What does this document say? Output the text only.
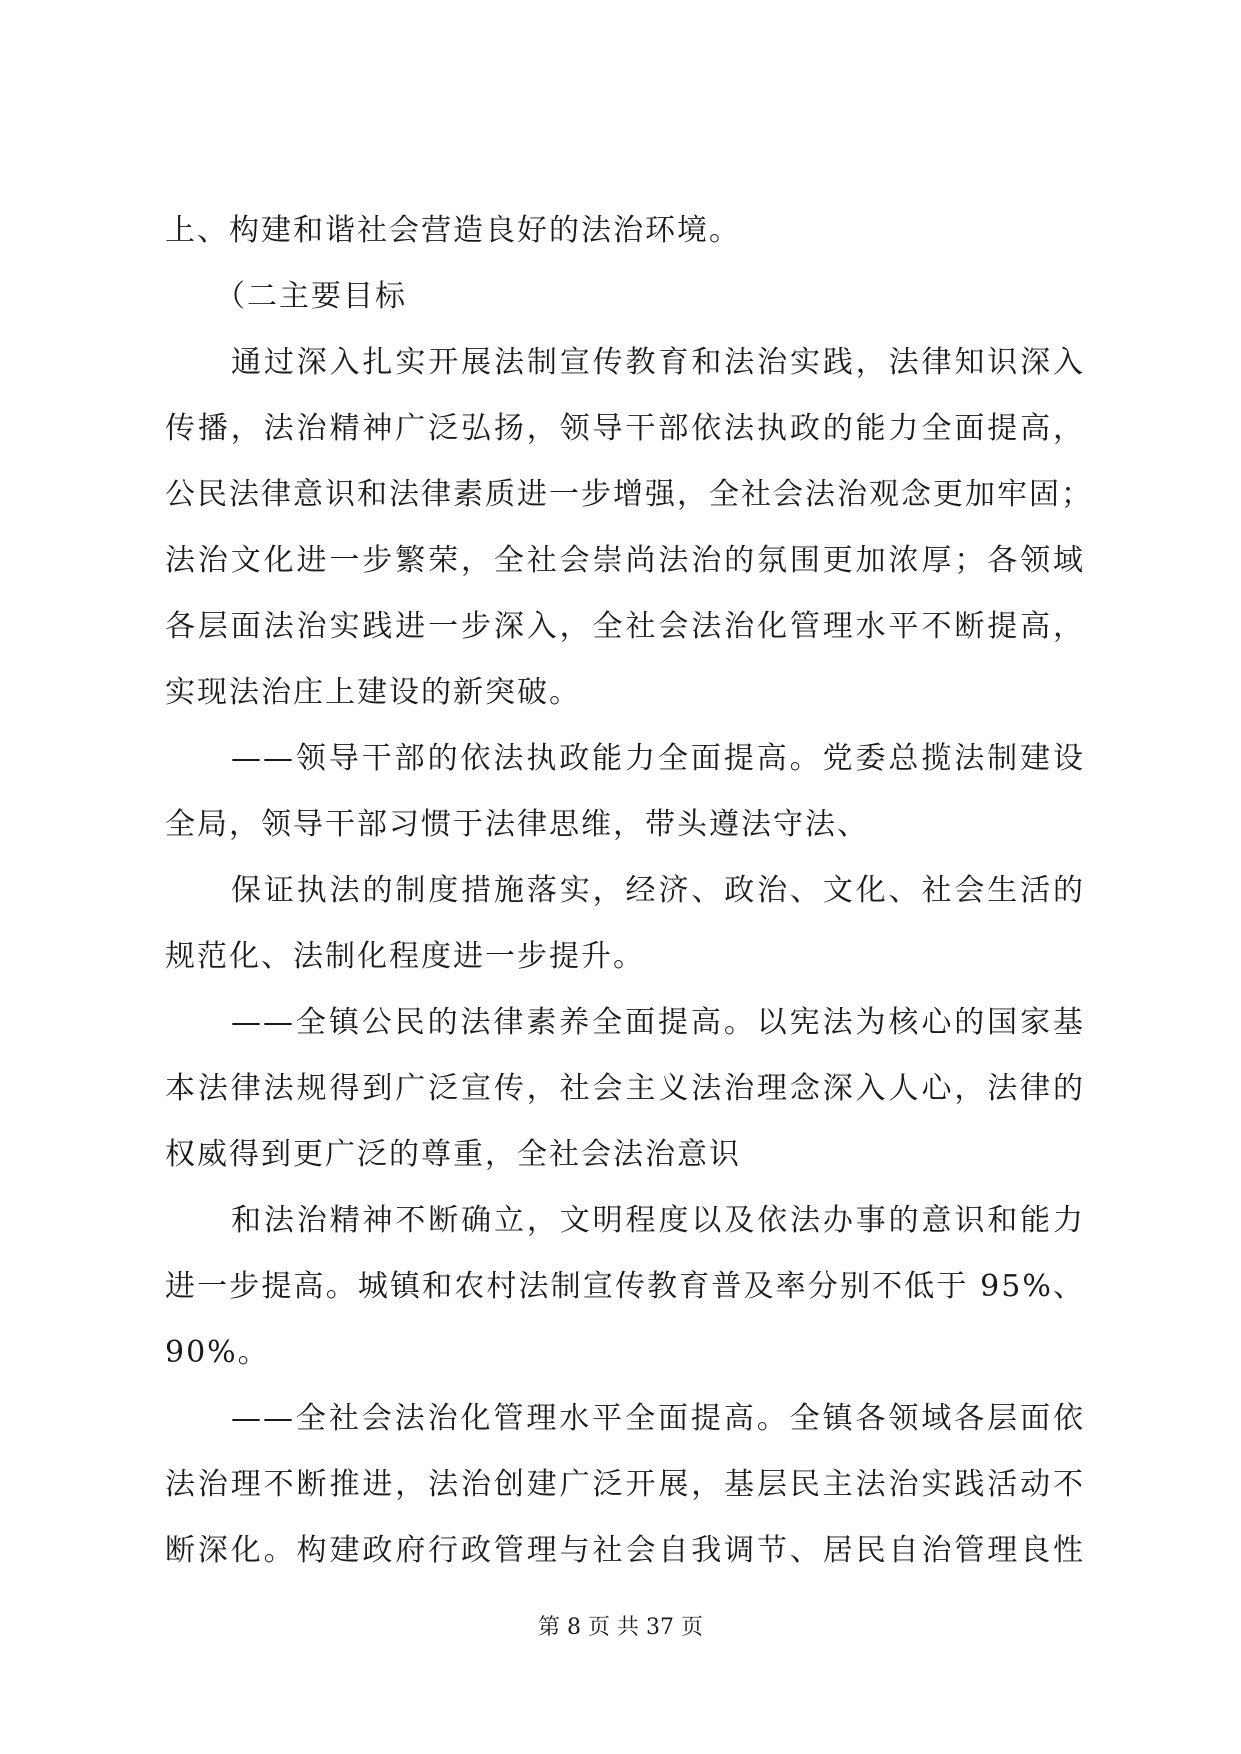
上、构建和谐社会营造良好的法治环境。
（二主要目标
通过深入扎实开展法制宣传教育和法治实践，法律知识深入
传播，法治精神广泛弘扬，领导干部依法执政的能力全面提高，
公民法律意识和法律素质进一步增强，全社会法治观念更加牢固；
法治文化进一步繁荣，全社会崇尚法治的氛围更加浓厚；各领域
各层面法治实践进一步深入，全社会法治化管理水平不断提高，
实现法治庄上建设的新突破。
——领导干部的依法执政能力全面提高。党委总揽法制建设
全局，领导干部习惯于法律思维，带头遵法守法、
保证执法的制度措施落实，经济、政治、文化、社会生活的
规范化、法制化程度进一步提升。
——全镇公民的法律素养全面提高。以宪法为核心的国家基
本法律法规得到广泛宣传，社会主义法治理念深入人心，法律的
权威得到更广泛的尊重，全社会法治意识
和法治精神不断确立，文明程度以及依法办事的意识和能力
进一步提高。城镇和农村法制宣传教育普及率分别不低于 95%、
90%。
——全社会法治化管理水平全面提高。全镇各领域各层面依
法治理不断推进，法治创建广泛开展，基层民主法治实践活动不
断深化。构建政府行政管理与社会自我调节、居民自治管理良性
第 8 页 共 37 页
